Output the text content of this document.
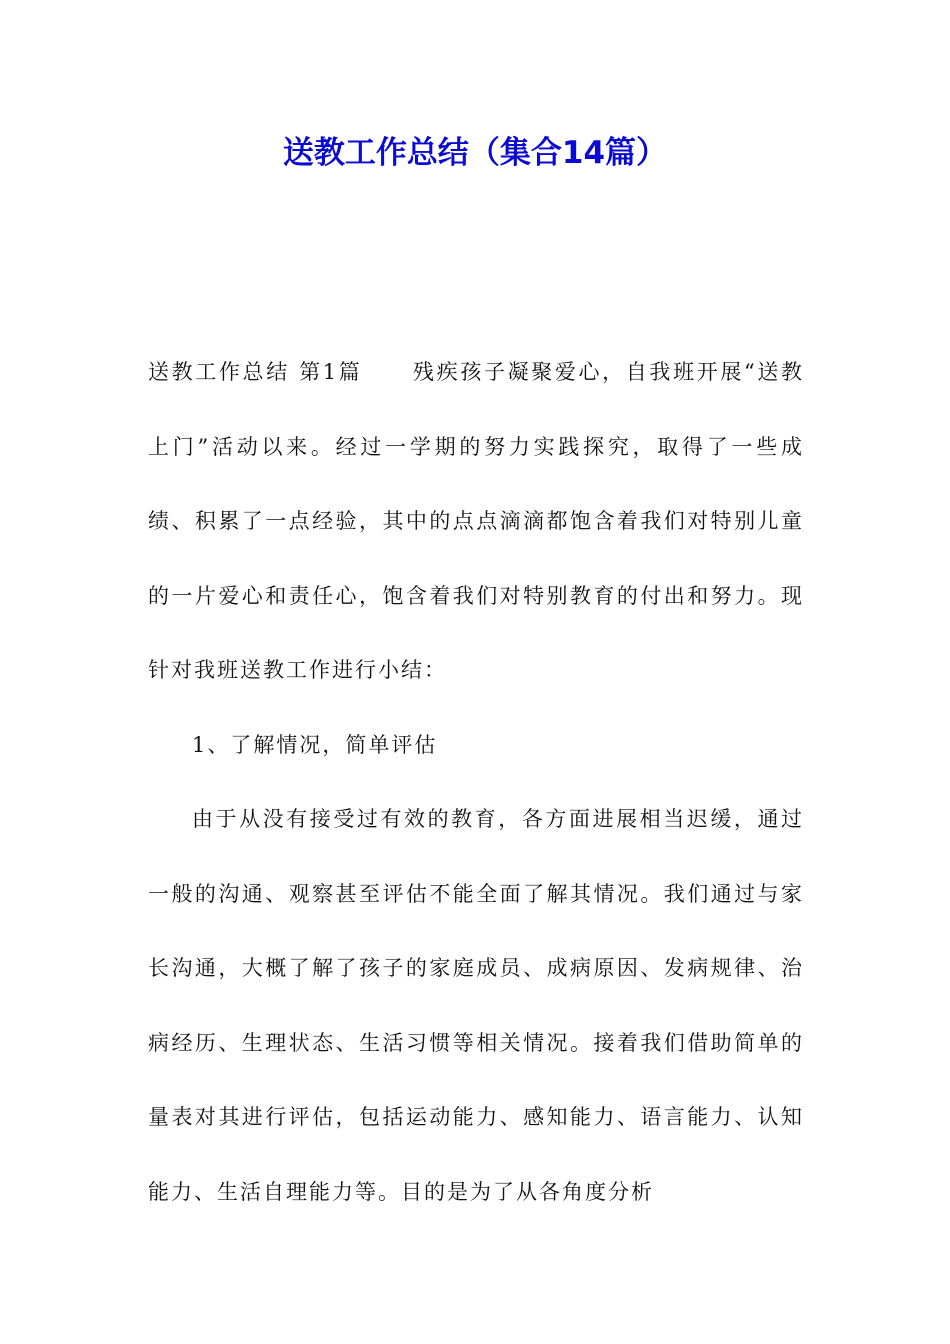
送教工作总结（集合14篇）

送教工作总结 第1篇 残疾孩子凝聚爱心，自我班开展“送教上门”活动以来。经过一学期的努力实践探究，取得了一些成绩、积累了一点经验，其中的点点滴滴都饱含着我们对特别儿童的一片爱心和责任心，饱含着我们对特别教育的付出和努力。现针对我班送教工作进行小结：

1、了解情况，简单评估

由于从没有接受过有效的教育，各方面进展相当迟缓，通过一般的沟通、观察甚至评估不能全面了解其情况。我们通过与家长沟通，大概了解了孩子的家庭成员、成病原因、发病规律、治病经历、生理状态、生活习惯等相关情况。接着我们借助简单的量表对其进行评估，包括运动能力、感知能力、语言能力、认知能力、生活自理能力等。目的是为了从各角度分析
